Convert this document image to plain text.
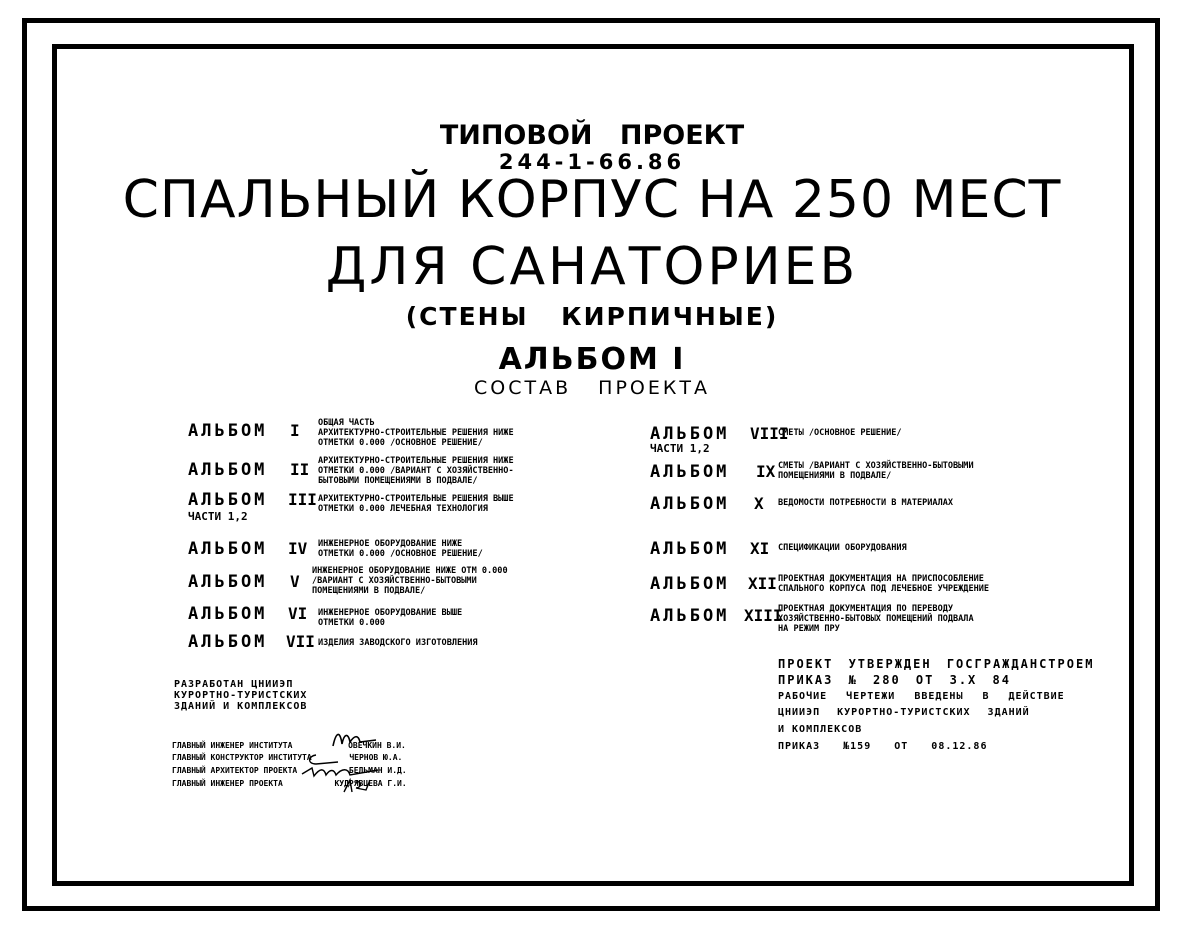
ТИПОВОЙ ПРОЕКТ
244-1-66.86
СПАЛЬНЫЙ КОРПУС НА 250 МЕСТ
ДЛЯ САНАТОРИЕВ
(СТЕНЫ КИРПИЧНЫЕ)
АЛЬБОМ I
СОСТАВ ПРОЕКТА
АЛЬБОМ I ОБЩАЯ ЧАСТЬ
АРХИТЕКТУРНО-СТРОИТЕЛЬНЫЕ РЕШЕНИЯ НИЖЕ
ОТМЕТКИ 0.000 /ОСНОВНОЕ РЕШЕНИЕ/
АЛЬБОМ II АРХИТЕКТУРНО-СТРОИТЕЛЬНЫЕ РЕШЕНИЯ НИЖЕ
ОТМЕТКИ 0.000 /ВАРИАНТ С ХОЗЯЙСТВЕННО-
БЫТОВЫМИ ПОМЕЩЕНИЯМИ В ПОДВАЛЕ/
АЛЬБОМ III
ЧАСТИ 1,2
АРХИТЕКТУРНО-СТРОИТЕЛЬНЫЕ РЕШЕНИЯ ВЫШЕ
ОТМЕТКИ 0.000 ЛЕЧЕБНАЯ ТЕХНОЛОГИЯ
АЛЬБОМ IV ИНЖЕНЕРНОЕ ОБОРУДОВАНИЕ НИЖЕ
ОТМЕТКИ 0.000 /ОСНОВНОЕ РЕШЕНИЕ/
АЛЬБОМ V
ИНЖЕНЕРНОЕ ОБОРУДОВАНИЕ НИЖЕ ОТМ 0.000
/ВАРИАНТ С ХОЗЯЙСТВЕННО-БЫТОВЫМИ
ПОМЕЩЕНИЯМИ В ПОДВАЛЕ/
АЛЬБОМ VI ИНЖЕНЕРНОЕ ОБОРУДОВАНИЕ ВЫШЕ
ОТМЕТКИ 0.000
АЛЬБОМ VII ИЗДЕЛИЯ ЗАВОДСКОГО ИЗГОТОВЛЕНИЯ
АЛЬБОМ VIII
ЧАСТИ 1,2
СМЕТЫ /ОСНОВНОЕ РЕШЕНИЕ/
АЛЬБОМ IX СМЕТЫ /ВАРИАНТ С ХОЗЯЙСТВЕННО-БЫТОВЫМИ
ПОМЕЩЕНИЯМИ В ПОДВАЛЕ/
АЛЬБОМ X ВЕДОМОСТИ ПОТРЕБНОСТИ В МАТЕРИАЛАХ
АЛЬБОМ XI СПЕЦИФИКАЦИИ ОБОРУДОВАНИЯ
АЛЬБОМ XII ПРОЕКТНАЯ ДОКУМЕНТАЦИЯ НА ПРИСПОСОБЛЕНИЕ
СПАЛЬНОГО КОРПУСА ПОД ЛЕЧЕБНОЕ УЧРЕЖДЕНИЕ
АЛЬБОМ XIII
ПРОЕКТНАЯ ДОКУМЕНТАЦИЯ ПО ПЕРЕВОДУ
ХОЗЯЙСТВЕННО-БЫТОВЫХ ПОМЕЩЕНИЙ ПОДВАЛА
НА РЕЖИМ ПРУ
РАЗРАБОТАН ЦНИИЭП
КУРОРТНО-ТУРИСТСКИХ
ЗДАНИЙ И КОМПЛЕКСОВ
ГЛАВНЫЙ ИНЖЕНЕР ИНСТИТУТА	ОВЕЧКИН В.И.
ГЛАВНЫЙ КОНСТРУКТОР ИНСТИТУТА	ЧЕРНОВ Ю.А.
ГЛАВНЫЙ АРХИТЕКТОР ПРОЕКТА	БЕЛЬМАН И.Д.
ГЛАВНЫЙ ИНЖЕНЕР ПРОЕКТА	КУДРЯВЦЕВА Г.И.
ПРОЕКТ УТВЕРЖДЕН ГОСГРАЖДАНСТРОЕМ
ПРИКАЗ № 280 ОТ 3.X 84
РАБОЧИЕ ЧЕРТЕЖИ ВВЕДЕНЫ В ДЕЙСТВИЕ
ЦНИИЭП КУРОРТНО-ТУРИСТСКИХ ЗДАНИЙ
И КОМПЛЕКСОВ
ПРИКАЗ №159 ОТ 08.12.86
